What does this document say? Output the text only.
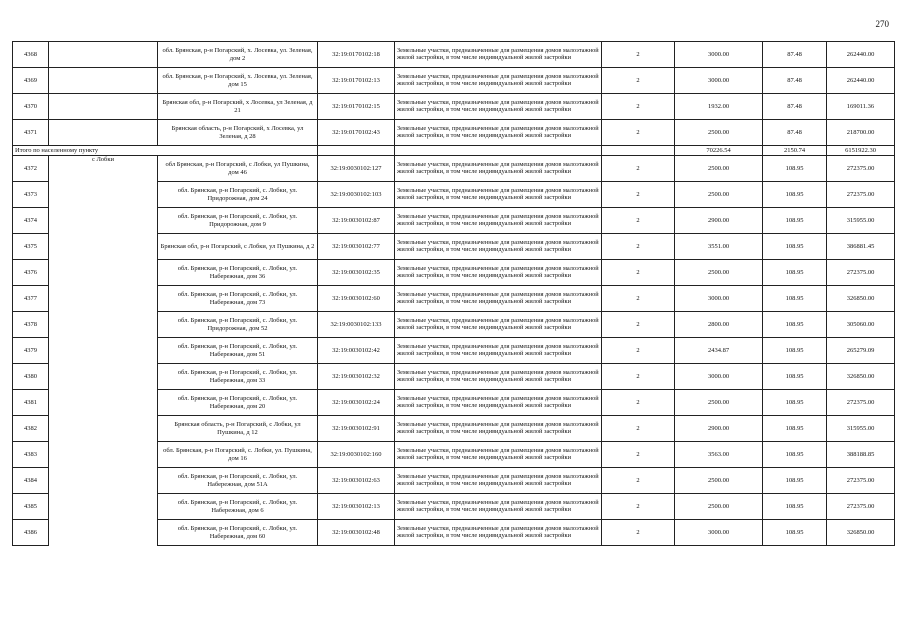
270
4368		обл. Брянская, р-н Погарский, х. Лосевка, ул. Зеленая, дом 2	32:19:0170102:18	Земельные участки, предназначенные для размещения домов малоэтажной жилой застройки, в том числе индивидуальной жилой застройки	2	3000.00	87.48	262440.00
4369		обл. Брянская, р-н Погарский, х. Лосевка, ул. Зеленая, дом 15	32:19:0170102:13	Земельные участки, предназначенные для размещения домов малоэтажной жилой застройки, в том числе индивидуальной жилой застройки	2	3000.00	87.48	262440.00
4370		Брянская обл, р-н Погарский, х Лосевка, ул Зеленая, д 21	32:19:0170102:15	Земельные участки, предназначенные для размещения домов малоэтажной жилой застройки, в том числе индивидуальной жилой застройки	2	1932.00	87.48	169011.36
4371		Брянская область, р-н Погарский, х Лосевка, ул Зеленая, д 28	32:19:0170102:43	Земельные участки, предназначенные для размещения домов малоэтажной жилой застройки, в том числе индивидуальной жилой застройки	2	2500.00	87.48	218700.00
Итого по населенному пункту						70226.54	2150.74	6151922.30
4372	с Лобки	обл Брянская, р-н Погарский, с Лобки, ул Пушкина, дом 46	32:19:0030102:127	Земельные участки, предназначенные для размещения домов малоэтажной жилой застройки, в том числе индивидуальной жилой застройки	2	2500.00	108.95	272375.00
4373		обл. Брянская, р-н Погарский, с. Лобки, ул. Придорожная, дом 24	32:19:0030102:103	Земельные участки, предназначенные для размещения домов малоэтажной жилой застройки, в том числе индивидуальной жилой застройки	2	2500.00	108.95	272375.00
4374		обл. Брянская, р-н Погарский, с. Лобки, ул. Придорожная, дом 9	32:19:0030102:87	Земельные участки, предназначенные для размещения домов малоэтажной жилой застройки, в том числе индивидуальной жилой застройки	2	2900.00	108.95	315955.00
4375		Брянская обл, р-н Погарский, с Лобки, ул Пушкина, д 2	32:19:0030102:77	Земельные участки, предназначенные для размещения домов малоэтажной жилой застройки, в том числе индивидуальной жилой застройки	2	3551.00	108.95	386881.45
4376		обл. Брянская, р-н Погарский, с. Лобки, ул. Набережная, дом 36	32:19:0030102:35	Земельные участки, предназначенные для размещения домов малоэтажной жилой застройки, в том числе индивидуальной жилой застройки	2	2500.00	108.95	272375.00
4377		обл. Брянская, р-н Погарский, с. Лобки, ул. Набережная, дом 73	32:19:0030102:60	Земельные участки, предназначенные для размещения домов малоэтажной жилой застройки, в том числе индивидуальной жилой застройки	2	3000.00	108.95	326850.00
4378		обл. Брянская, р-н Погарский, с. Лобки, ул. Придорожная, дом 52	32:19:0030102:133	Земельные участки, предназначенные для размещения домов малоэтажной жилой застройки, в том числе индивидуальной жилой застройки	2	2800.00	108.95	305060.00
4379		обл. Брянская, р-н Погарский, с. Лобки, ул. Набережная, дом 51	32:19:0030102:42	Земельные участки, предназначенные для размещения домов малоэтажной жилой застройки, в том числе индивидуальной жилой застройки	2	2434.87	108.95	265279.09
4380		обл. Брянская, р-н Погарский, с. Лобки, ул. Набережная, дом 33	32:19:0030102:32	Земельные участки, предназначенные для размещения домов малоэтажной жилой застройки, в том числе индивидуальной жилой застройки	2	3000.00	108.95	326850.00
4381		обл. Брянская, р-н Погарский, с. Лобки, ул. Набережная, дом 20	32:19:0030102:24	Земельные участки, предназначенные для размещения домов малоэтажной жилой застройки, в том числе индивидуальной жилой застройки	2	2500.00	108.95	272375.00
4382		Брянская область, р-н Погарский, с Лобки, ул Пушкина, д 12	32:19:0030102:91	Земельные участки, предназначенные для размещения домов малоэтажной жилой застройки, в том числе индивидуальной жилой застройки	2	2900.00	108.95	315955.00
4383		обл. Брянская, р-н Погарский, с. Лобки, ул. Пушкина, дом 16	32:19:0030102:160	Земельные участки, предназначенные для размещения домов малоэтажной жилой застройки, в том числе индивидуальной жилой застройки	2	3563.00	108.95	388188.85
4384		обл. Брянская, р-н Погарский, с. Лобки, ул. Набережная, дом 51А	32:19:0030102:63	Земельные участки, предназначенные для размещения домов малоэтажной жилой застройки, в том числе индивидуальной жилой застройки	2	2500.00	108.95	272375.00
4385		обл. Брянская, р-н Погарский, с. Лобки, ул. Набережная, дом 6	32:19:0030102:13	Земельные участки, предназначенные для размещения домов малоэтажной жилой застройки, в том числе индивидуальной жилой застройки	2	2500.00	108.95	272375.00
4386		обл. Брянская, р-н Погарский, с. Лобки, ул. Набережная, дом 60	32:19:0030102:48	Земельные участки, предназначенные для размещения домов малоэтажной жилой застройки, в том числе индивидуальной жилой застройки	2	3000.00	108.95	326850.00
